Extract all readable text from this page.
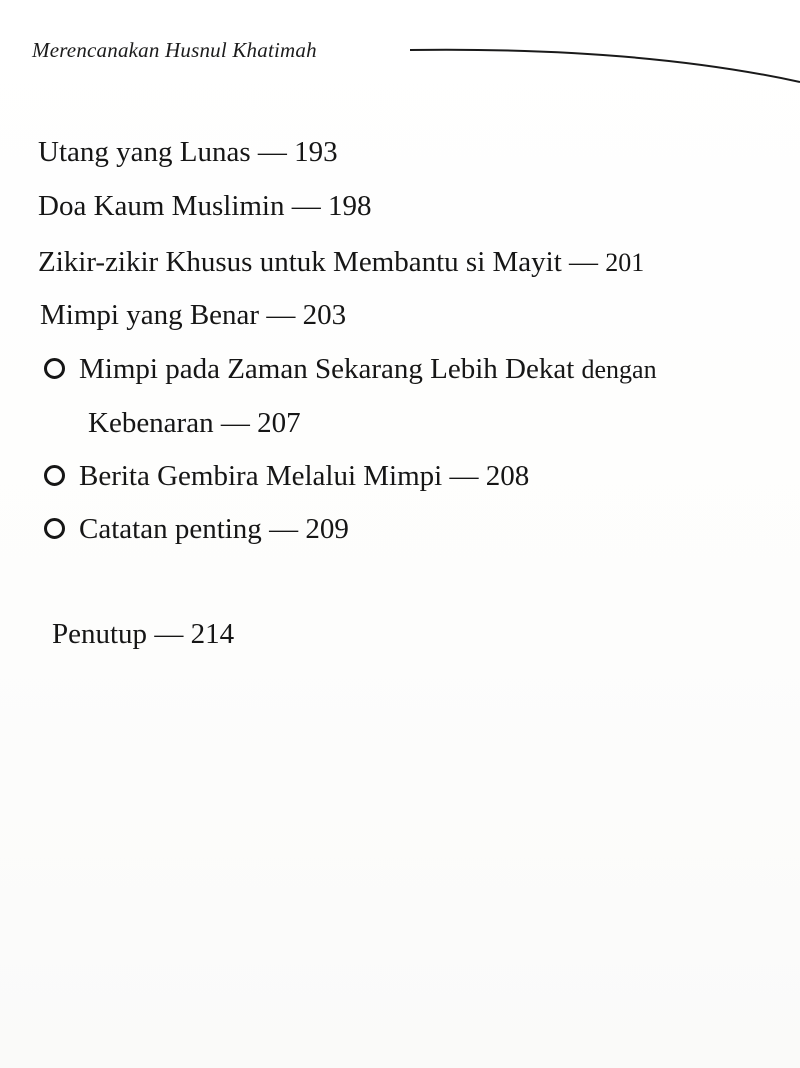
Merencanakan Husnul Khatimah
Utang yang Lunas — 193
Doa Kaum Muslimin — 198
Zikir-zikir Khusus untuk Membantu si Mayit — 201
Mimpi yang Benar — 203
Mimpi pada Zaman Sekarang Lebih Dekat dengan
Kebenaran — 207
Berita Gembira Melalui Mimpi — 208
Catatan penting — 209
Penutup — 214
